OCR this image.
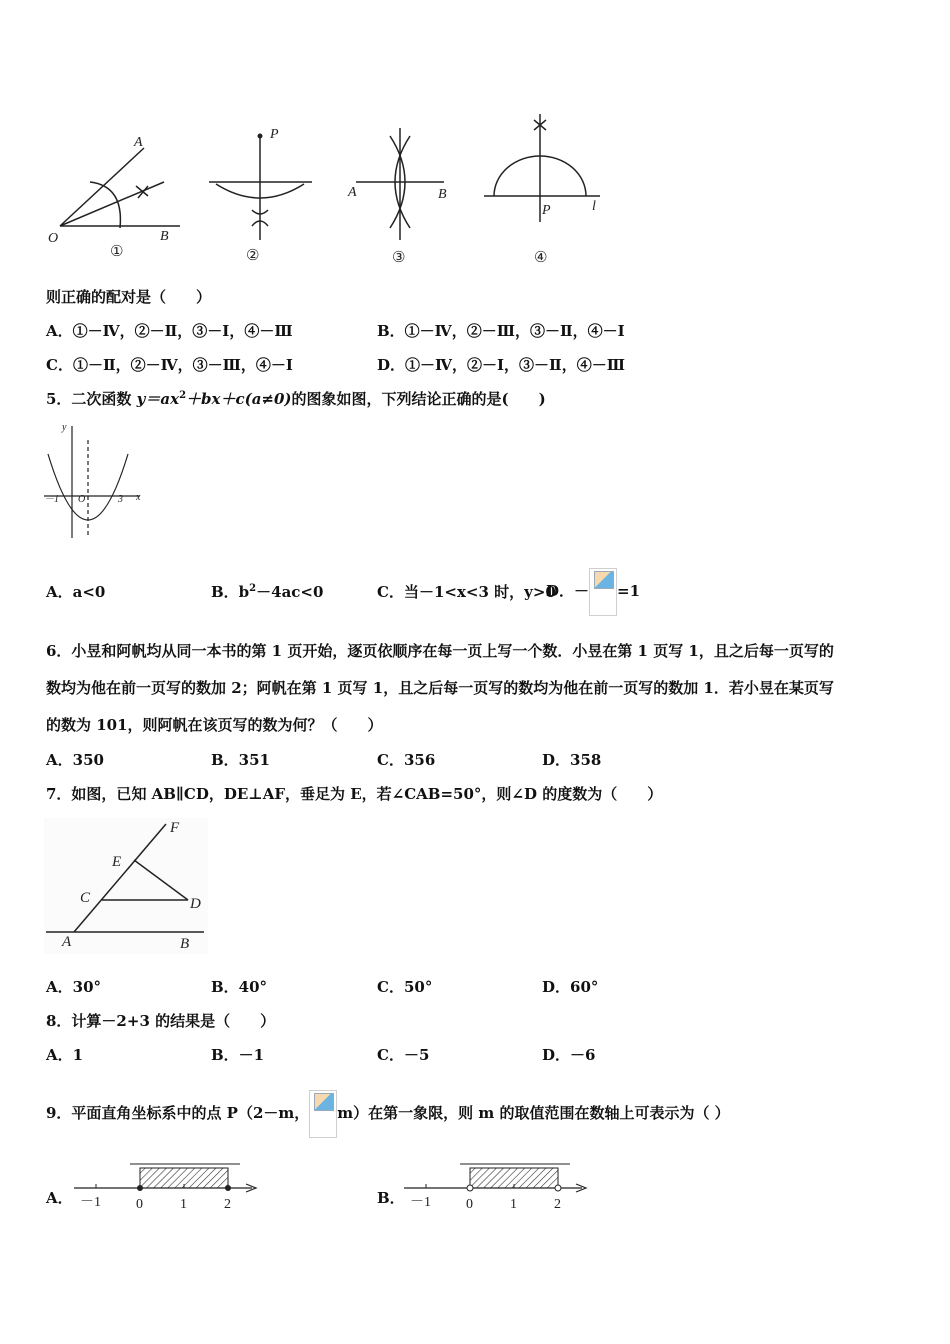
O
A
B
P
A	B
P	l
①	②	③	④
则正确的配对是（　　）
A．①－Ⅳ，②－Ⅱ，③－Ⅰ，④－Ⅲ	B．①－Ⅳ，②－Ⅲ，③－Ⅱ，④－Ⅰ
C．①－Ⅱ，②－Ⅳ，③－Ⅲ，④－Ⅰ	D．①－Ⅳ，②－Ⅰ，③－Ⅱ，④－Ⅲ
5．二次函数 $y=ax^2+bx+c(a\ne 0)$的图象如图，下列结论正确的是(　　)
y
x
－1 O	3
A．a<0	B．$b^2-4ac<0$	C．当－1<x<3 时，y>0
D．－ =1
6．小昱和阿帆均从同一本书的第 1 页开始，逐页依顺序在每一页上写一个数．小昱在第 1 页写 1，且之后每一页写的
数均为他在前一页写的数加 2；阿帆在第 1 页写 1，且之后每一页写的数均为他在前一页写的数加 1．若小昱在某页写
的数为 101，则阿帆在该页写的数为何？（　　）
A．350	B．351	C．356	D．358
7．如图，已知 AB∥CD，DE⊥AF，垂足为 E，若∠CAB=50°，则∠D 的度数为（　　）
F
E
C	D
A	B
A．30°	B．40°	C．50°	D．60°
8．计算－2+3 的结果是（　　）
A．1	B．－1	C．－5	D．－6
9．平面直角坐标系中的点 P（2－m， m）在第一象限，则 m 的取值范围在数轴上可表示为（ ）
A． －1	0	1	2	B． －1	0	1	2
